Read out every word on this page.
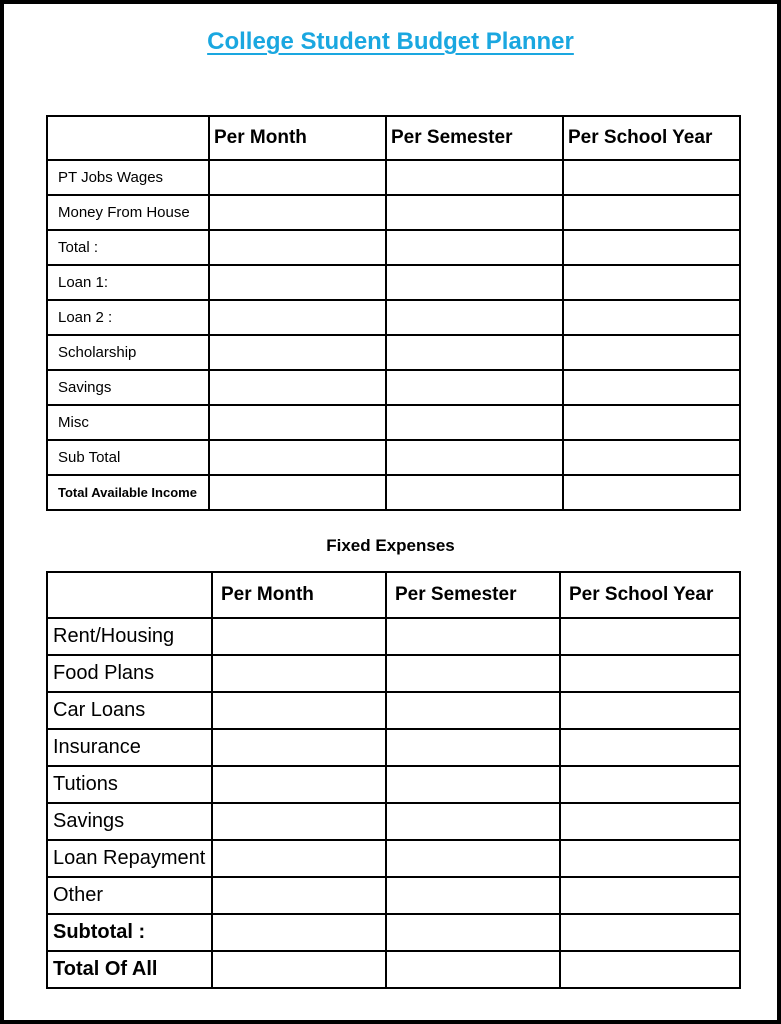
College Student Budget Planner
	Per Month	Per Semester	Per School Year
PT Jobs Wages			
Money From House			
Total :			
Loan 1:			
Loan 2 :			
Scholarship			
Savings			
Misc			
Sub Total			
Total Available Income			
Fixed Expenses
	Per Month	Per Semester	Per School Year
Rent/Housing			
Food Plans			
Car Loans			
Insurance			
Tutions			
Savings			
Loan Repayment			
Other			
Subtotal :			
Total Of All			
